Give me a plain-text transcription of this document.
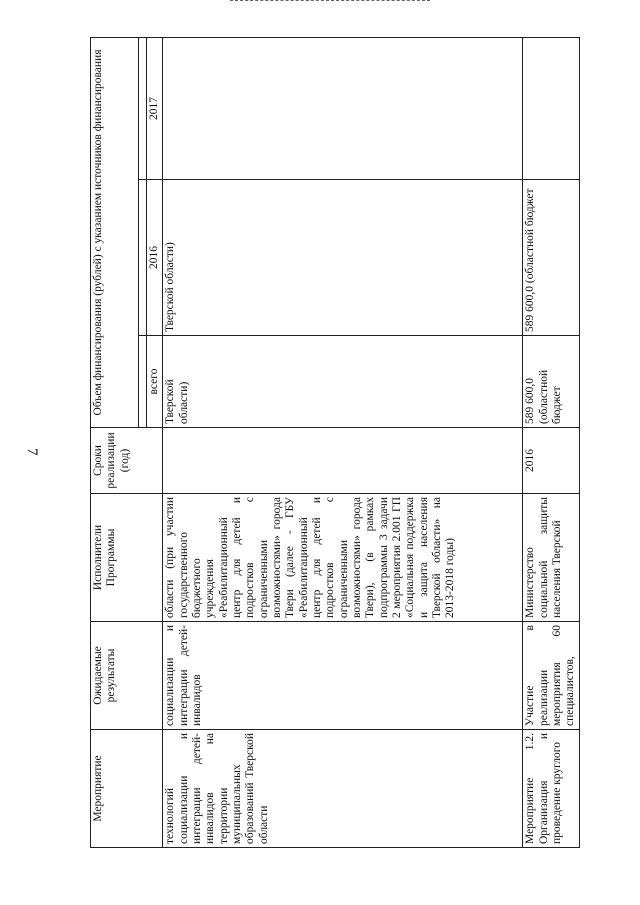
7
Мероприятие	Ожидаемые результаты	Исполнители Программы	Сроки реализации (год)	Объем финансирования (рублей) с указанием источников финансирования		

				всего	2016	2017
технологий социализации и интеграции детей-инвалидов на территории муниципальных образований Тверской области	социализации и интеграции детей-инвалидов	области (при участии государственного бюджетного учреждения «Реабилитационный центр для детей и подростков с ограниченными возможностями» города Твери (далее - ГБУ «Реабилитационный центр для детей и подростков с ограниченными возможностями» города Твери), (в рамках подпрограммы 3 задачи 2 мероприятия 2.001 ГП «Социальная поддержка и защита населения Тверской области» на 2013-2018 годы)		Тверской области)	Тверской области)	
Мероприятие 1.2. Организация и проведение круглого	Участие в реализации мероприятия 60 специалистов,	Министерство социальной защиты населения Тверской	2016	589 600,0 (областной бюджет	589 600,0 (областной бюджет	
